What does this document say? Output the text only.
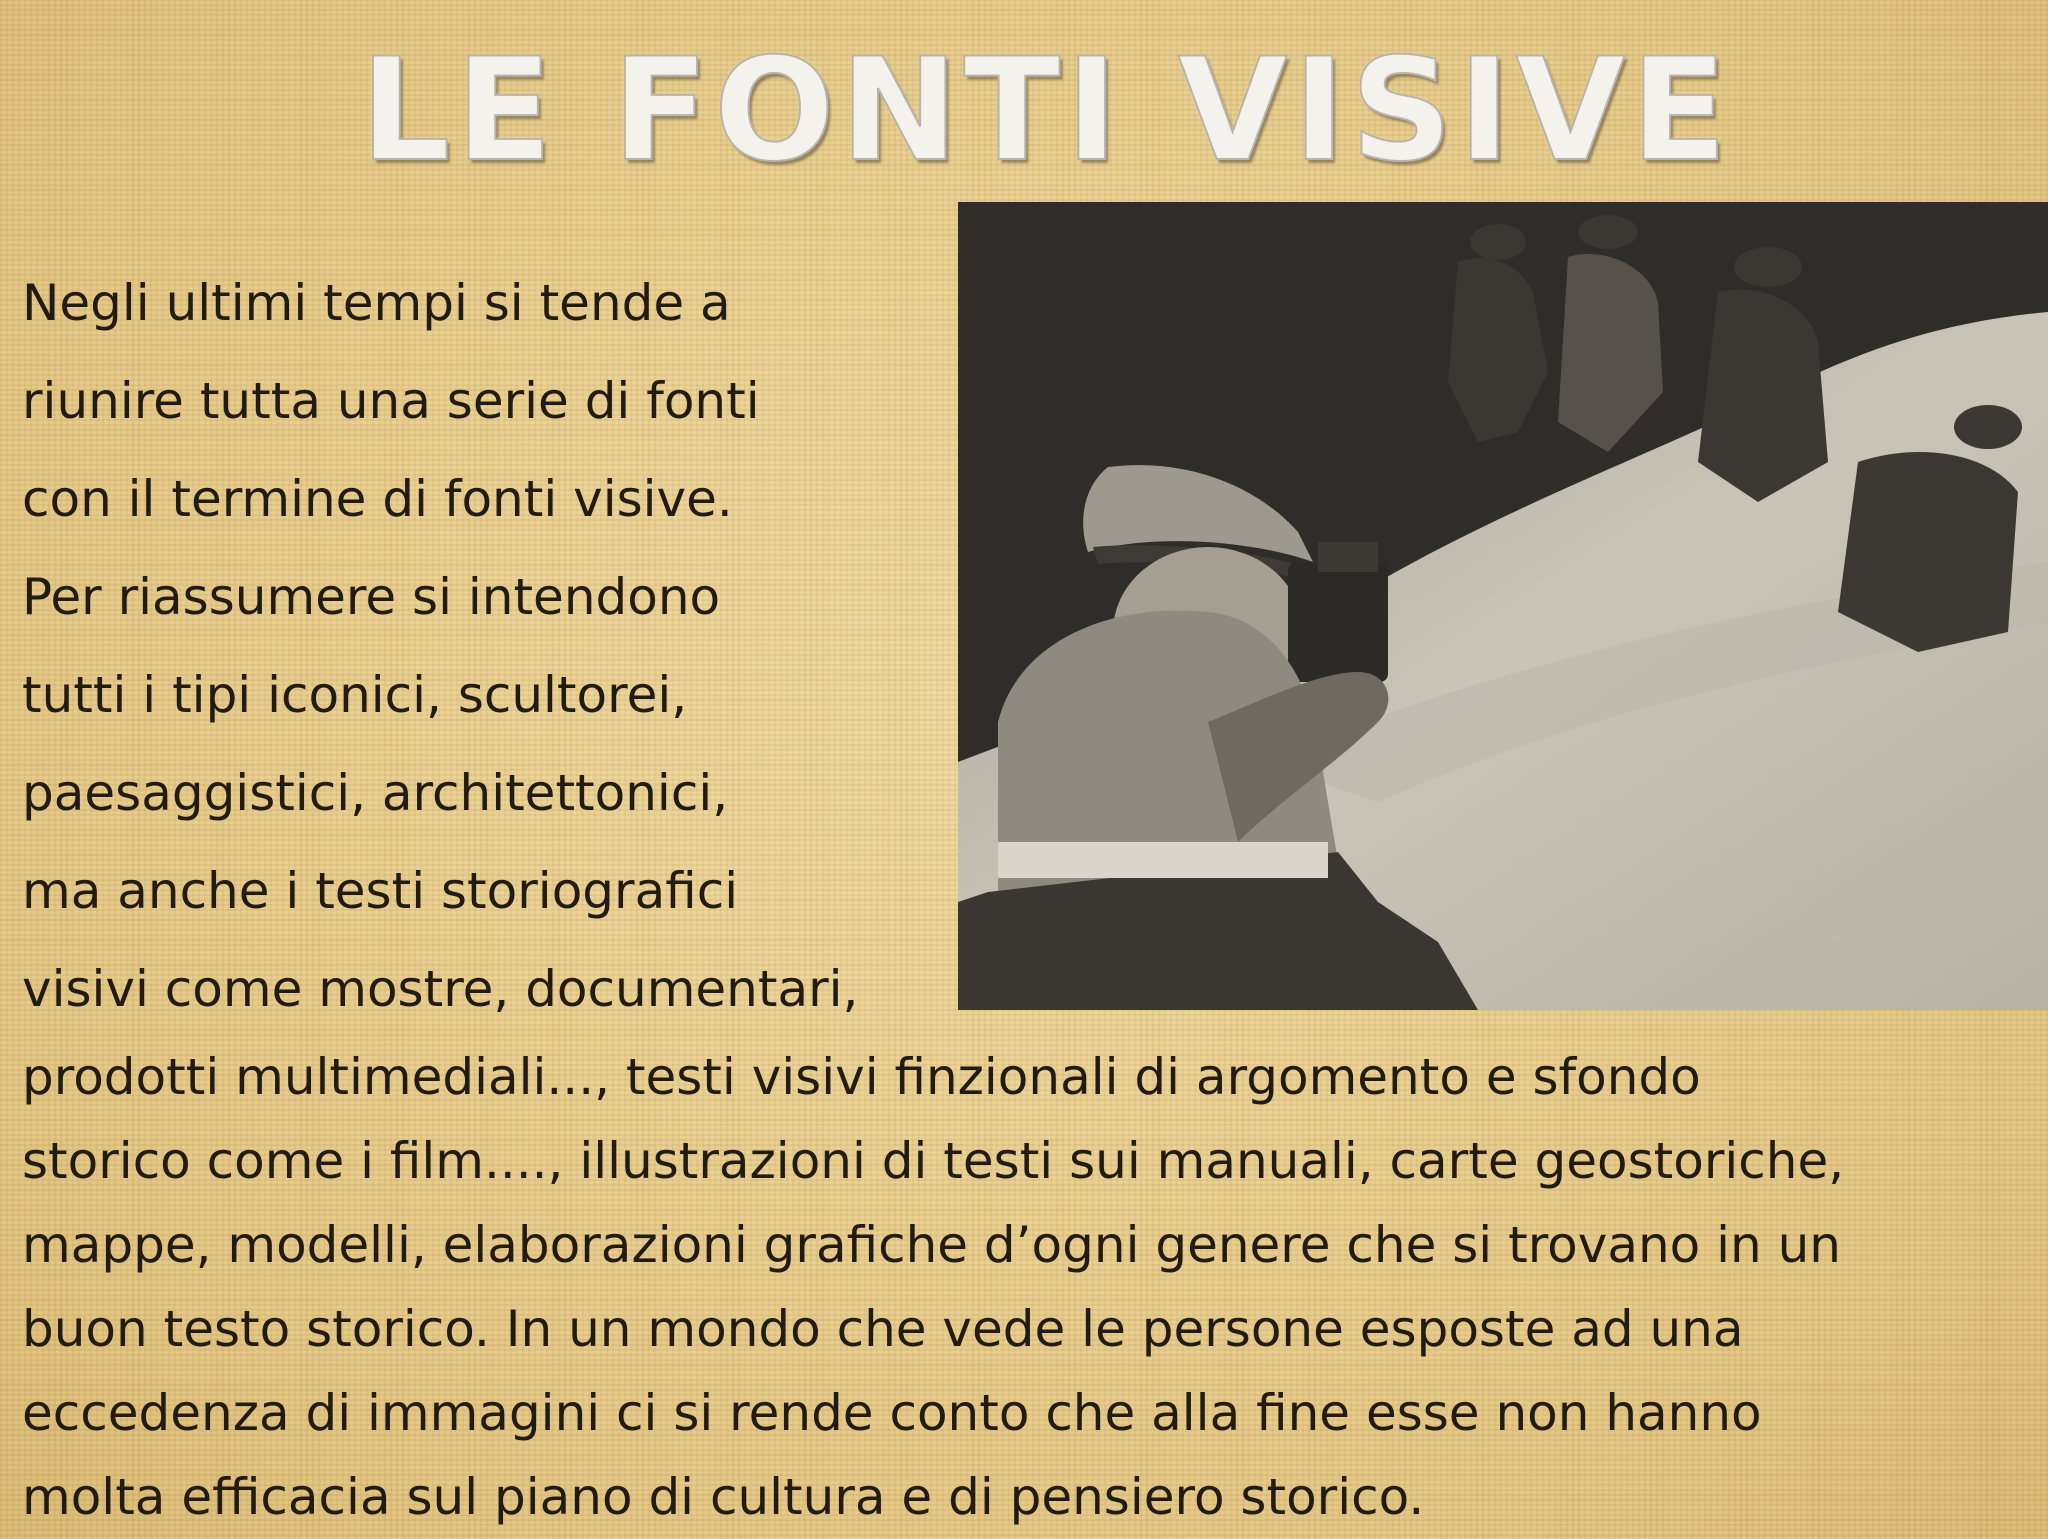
LE FONTI VISIVE
Negli ultimi tempi si tende a
riunire tutta una serie di fonti
con il termine di fonti visive.
Per riassumere si intendono
tutti i tipi iconici, scultorei,
paesaggistici, architettonici,
ma anche i testi storiografici
visivi come mostre, documentari,
prodotti multimediali..., testi visivi finzionali di argomento e sfondo
storico come i film...., illustrazioni di testi sui manuali, carte geostoriche,
mappe, modelli, elaborazioni grafiche d’ogni genere che si trovano in un
buon testo storico. In un mondo che vede le persone esposte ad una
eccedenza di immagini ci si rende conto che alla fine esse non hanno
molta efficacia sul piano di cultura e di pensiero storico.
